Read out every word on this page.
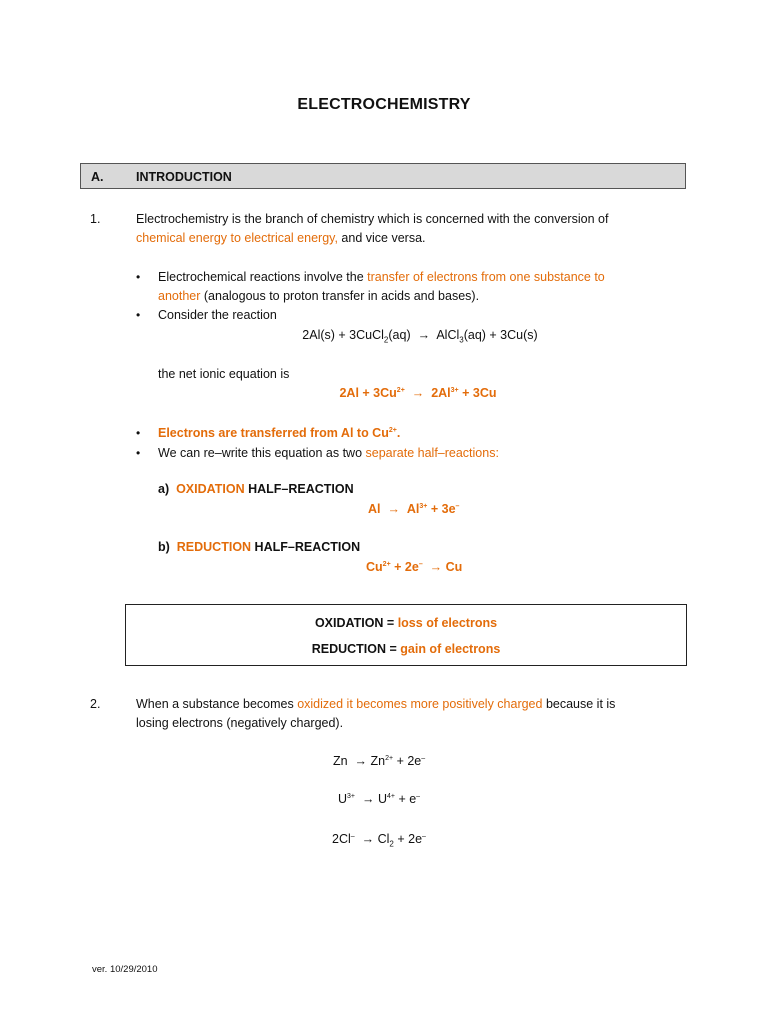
ELECTROCHEMISTRY
A.	INTRODUCTION
1.	Electrochemistry is the branch of chemistry which is concerned with the conversion of
chemical energy to electrical energy, and vice versa.
• Electrochemical reactions involve the transfer of electrons from one substance to
another (analogous to proton transfer in acids and bases).
• Consider the reaction
2Al(s) + 3CuCl$_2$(aq) → AlCl$_3$(aq) + 3Cu(s)
the net ionic equation is
$2Al + 3Cu^{2+} \to 2Al^{3+} + 3Cu$
• Electrons are transferred from Al to $Cu^{2+}$.
• We can re–write this equation as two separate half–reactions:
a) OXIDATION HALF–REACTION
$Al \to Al^{3+} + 3e^-$
b) REDUCTION HALF–REACTION
$Cu^{2+} + 2e^- \to Cu$
OXIDATION = loss of electrons
REDUCTION = gain of electrons
2.	When a substance becomes oxidized it becomes more positively charged because it is
losing electrons (negatively charged).
$Zn \to Zn^{2+} + 2e^-$
$U^{3+} \to U^{4+} + e^-$
$2Cl^- \to Cl_2 + 2e^-$
ver. 10/29/2010
